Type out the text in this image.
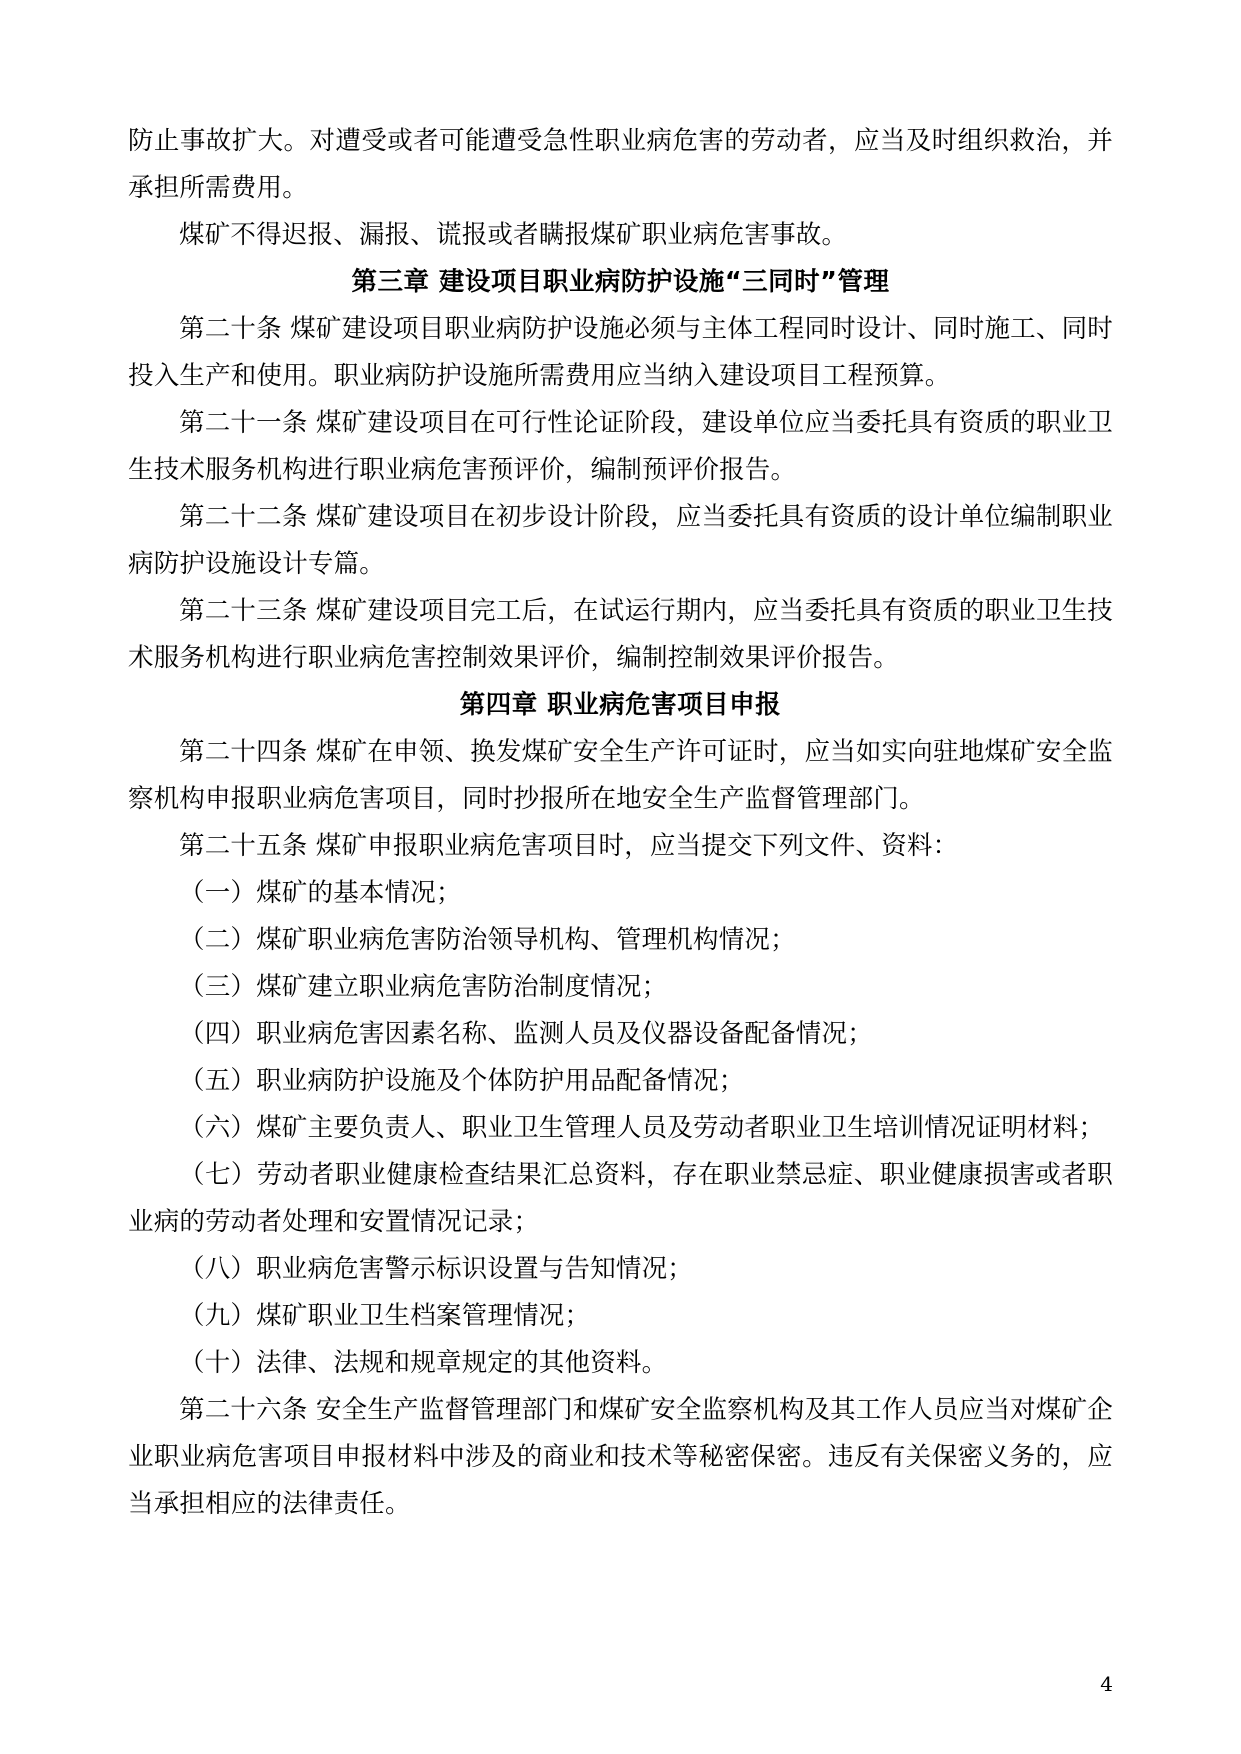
防止事故扩大。对遭受或者可能遭受急性职业病危害的劳动者，应当及时组织救治，并承担所需费用。

煤矿不得迟报、漏报、谎报或者瞒报煤矿职业病危害事故。

第三章 建设项目职业病防护设施“三同时”管理

第二十条 煤矿建设项目职业病防护设施必须与主体工程同时设计、同时施工、同时投入生产和使用。职业病防护设施所需费用应当纳入建设项目工程预算。

第二十一条 煤矿建设项目在可行性论证阶段，建设单位应当委托具有资质的职业卫生技术服务机构进行职业病危害预评价，编制预评价报告。

第二十二条 煤矿建设项目在初步设计阶段，应当委托具有资质的设计单位编制职业病防护设施设计专篇。

第二十三条 煤矿建设项目完工后，在试运行期内，应当委托具有资质的职业卫生技术服务机构进行职业病危害控制效果评价，编制控制效果评价报告。

第四章 职业病危害项目申报

第二十四条 煤矿在申领、换发煤矿安全生产许可证时，应当如实向驻地煤矿安全监察机构申报职业病危害项目，同时抄报所在地安全生产监督管理部门。

第二十五条 煤矿申报职业病危害项目时，应当提交下列文件、资料：

（一）煤矿的基本情况；

（二）煤矿职业病危害防治领导机构、管理机构情况；

（三）煤矿建立职业病危害防治制度情况；

（四）职业病危害因素名称、监测人员及仪器设备配备情况；

（五）职业病防护设施及个体防护用品配备情况；

（六）煤矿主要负责人、职业卫生管理人员及劳动者职业卫生培训情况证明材料；

（七）劳动者职业健康检查结果汇总资料，存在职业禁忌症、职业健康损害或者职业病的劳动者处理和安置情况记录；

（八）职业病危害警示标识设置与告知情况；

（九）煤矿职业卫生档案管理情况；

（十）法律、法规和规章规定的其他资料。

第二十六条 安全生产监督管理部门和煤矿安全监察机构及其工作人员应当对煤矿企业职业病危害项目申报材料中涉及的商业和技术等秘密保密。违反有关保密义务的，应当承担相应的法律责任。

4
